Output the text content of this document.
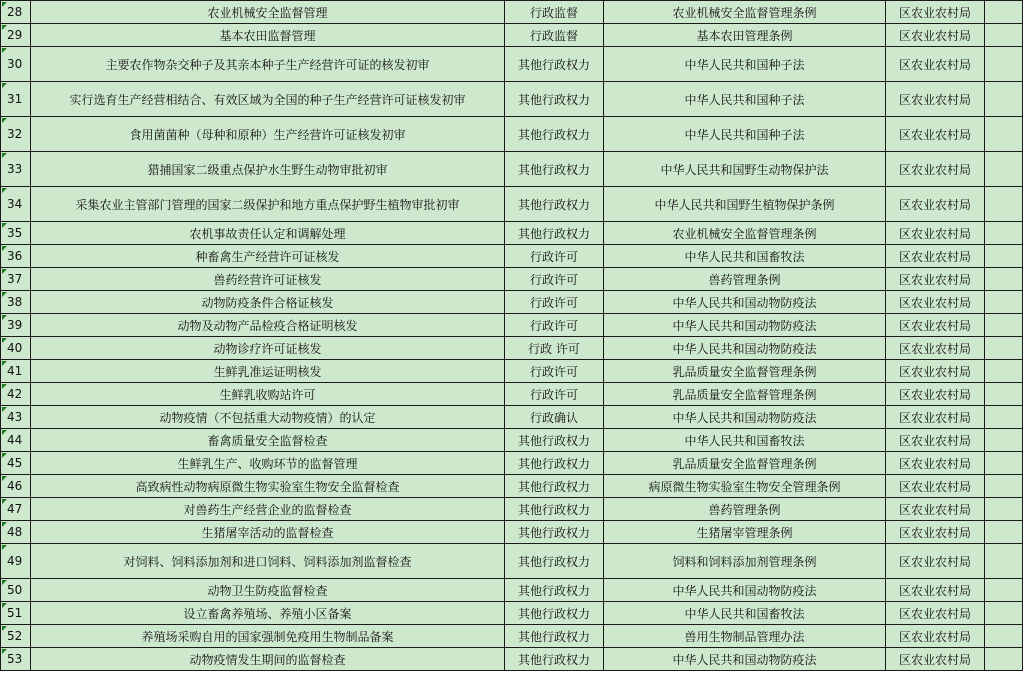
28	农业机械安全监督管理	行政监督	农业机械安全监督管理条例	区农业农村局	
29	基本农田监督管理	行政监督	基本农田管理条例	区农业农村局	
30	主要农作物杂交种子及其亲本种子生产经营许可证的核发初审	其他行政权力	中华人民共和国种子法	区农业农村局	
31	实行选育生产经营相结合、有效区域为全国的种子生产经营许可证核发初审	其他行政权力	中华人民共和国种子法	区农业农村局	
32	食用菌菌种（母种和原种）生产经营许可证核发初审	其他行政权力	中华人民共和国种子法	区农业农村局	
33	猎捕国家二级重点保护水生野生动物审批初审	其他行政权力	中华人民共和国野生动物保护法	区农业农村局	
34	采集农业主管部门管理的国家二级保护和地方重点保护野生植物审批初审	其他行政权力	中华人民共和国野生植物保护条例	区农业农村局	
35	农机事故责任认定和调解处理	其他行政权力	农业机械安全监督管理条例	区农业农村局	
36	种畜禽生产经营许可证核发	行政许可	中华人民共和国畜牧法	区农业农村局	
37	兽药经营许可证核发	行政许可	兽药管理条例	区农业农村局	
38	动物防疫条件合格证核发	行政许可	中华人民共和国动物防疫法	区农业农村局	
39	动物及动物产品检疫合格证明核发	行政许可	中华人民共和国动物防疫法	区农业农村局	
40	动物诊疗许可证核发	行政 许可	中华人民共和国动物防疫法	区农业农村局	
41	生鲜乳准运证明核发	行政许可	乳品质量安全监督管理条例	区农业农村局	
42	生鲜乳收购站许可	行政许可	乳品质量安全监督管理条例	区农业农村局	
43	动物疫情（不包括重大动物疫情）的认定	行政确认	中华人民共和国动物防疫法	区农业农村局	
44	畜禽质量安全监督检查	其他行政权力	中华人民共和国畜牧法	区农业农村局	
45	生鲜乳生产、收购环节的监督管理	其他行政权力	乳品质量安全监督管理条例	区农业农村局	
46	高致病性动物病原微生物实验室生物安全监督检查	其他行政权力	病原微生物实验室生物安全管理条例	区农业农村局	
47	对兽药生产经营企业的监督检查	其他行政权力	兽药管理条例	区农业农村局	
48	生猪屠宰活动的监督检查	其他行政权力	生猪屠宰管理条例	区农业农村局	
49	对饲料、饲料添加剂和进口饲料、饲料添加剂监督检查	其他行政权力	饲料和饲料添加剂管理条例	区农业农村局	
50	动物卫生防疫监督检查	其他行政权力	中华人民共和国动物防疫法	区农业农村局	
51	设立畜禽养殖场、养殖小区备案	其他行政权力	中华人民共和国畜牧法	区农业农村局	
52	养殖场采购自用的国家强制免疫用生物制品备案	其他行政权力	兽用生物制品管理办法	区农业农村局	
53	动物疫情发生期间的监督检查	其他行政权力	中华人民共和国动物防疫法	区农业农村局	
